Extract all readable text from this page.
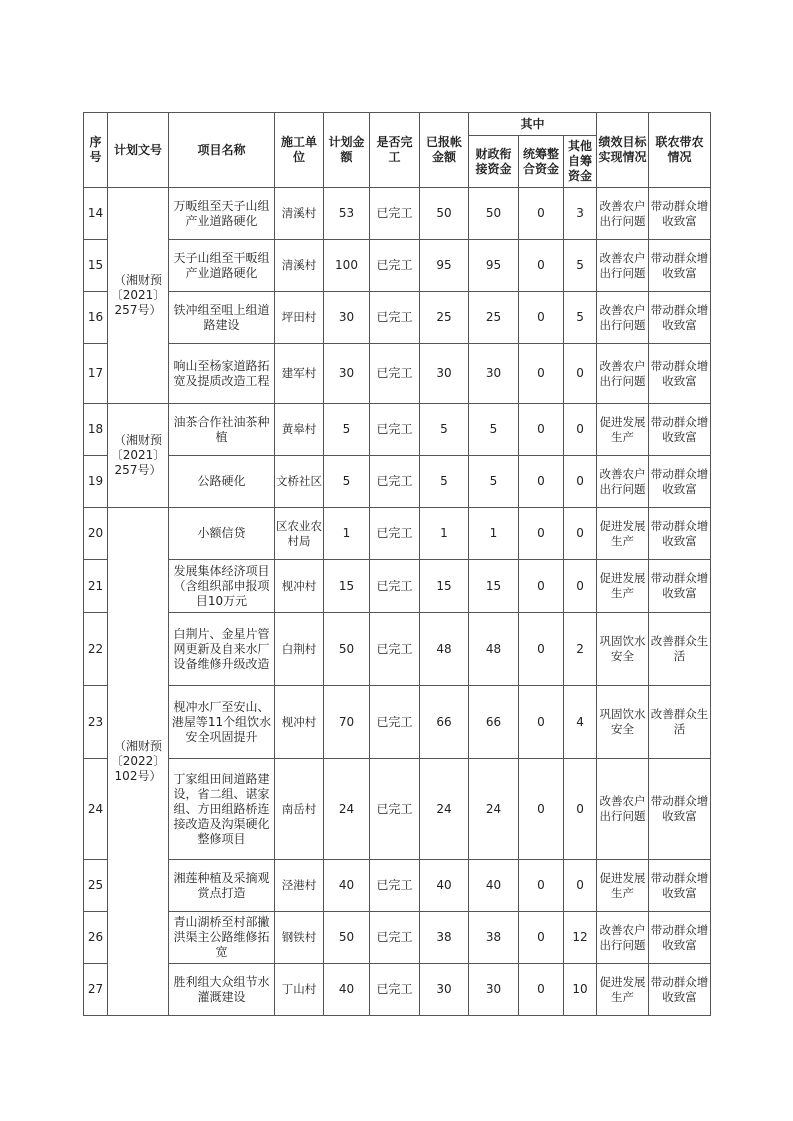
序号	计划文号	项目名称	施工单位	计划金额	是否完工	已报帐金额	其中			绩效目标实现情况	联农带农情况
							财政衔接资金	统筹整合资金	其他自筹资金		
14	（湘财预〔2021〕257号）	万畈组至天子山组产业道路硬化	清溪村	53	已完工	50	50	0	3	改善农户出行问题	带动群众增收致富
15		天子山组至干畈组产业道路硬化	清溪村	100	已完工	95	95	0	5	改善农户出行问题	带动群众增收致富
16		铁冲组至咀上组道路建设	坪田村	30	已完工	25	25	0	5	改善农户出行问题	带动群众增收致富
17		响山至杨家道路拓宽及提质改造工程	建军村	30	已完工	30	30	0	0	改善农户出行问题	带动群众增收致富
18	（湘财预〔2021〕257号）	油茶合作社油茶种植	黄皋村	5	已完工	5	5	0	0	促进发展生产	带动群众增收致富
19		公路硬化	文桥社区	5	已完工	5	5	0	0	改善农户出行问题	带动群众增收致富
20	（湘财预〔2022〕102号）	小额信贷	区农业农村局	1	已完工	1	1	0	0	促进发展生产	带动群众增收致富
21		发展集体经济项目（含组织部申报项目10万元	枧冲村	15	已完工	15	15	0	0	促进发展生产	带动群众增收致富
22		白荆片、金星片管网更新及自来水厂设备维修升级改造	白荆村	50	已完工	48	48	0	2	巩固饮水安全	改善群众生活
23		枧冲水厂至安山、港屋等11个组饮水安全巩固提升	枧冲村	70	已完工	66	66	0	4	巩固饮水安全	改善群众生活
24		丁家组田间道路建设，省二组、谌家组、方田组路桥连接改造及沟渠硬化整修项目	南岳村	24	已完工	24	24	0	0	改善农户出行问题	带动群众增收致富
25		湘莲种植及采摘观赏点打造	泾港村	40	已完工	40	40	0	0	促进发展生产	带动群众增收致富
26		青山湖桥至村部撇洪渠主公路维修拓宽	钢铁村	50	已完工	38	38	0	12	改善农户出行问题	带动群众增收致富
27		胜利组大众组节水灌溉建设	丁山村	40	已完工	30	30	0	10	促进发展生产	带动群众增收致富
